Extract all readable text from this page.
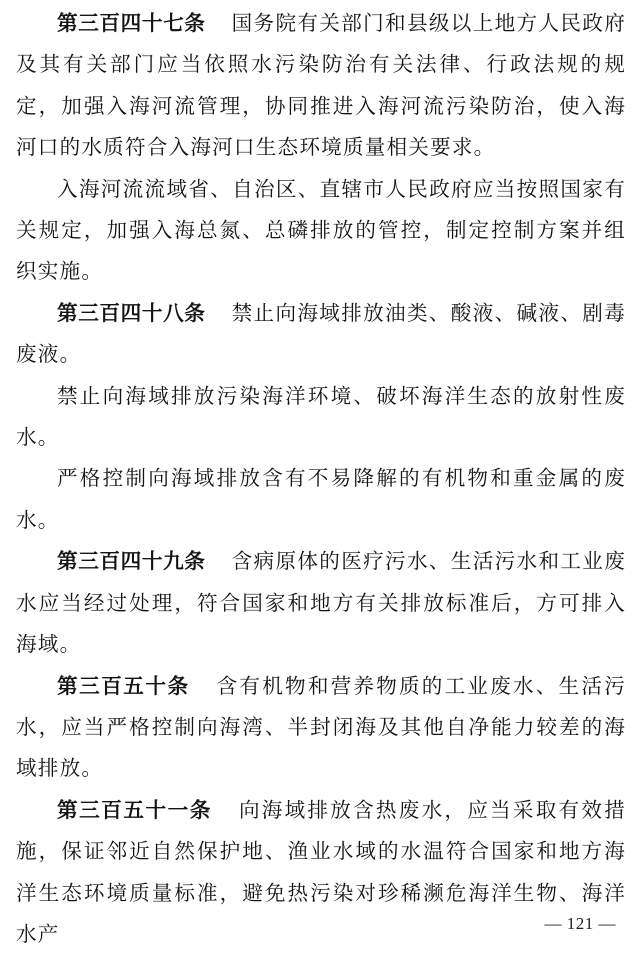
第三百四十七条 国务院有关部门和县级以上地方人民政府及其有关部门应当依照水污染防治有关法律、行政法规的规定，加强入海河流管理，协同推进入海河流污染防治，使入海河口的水质符合入海河口生态环境质量相关要求。

入海河流流域省、自治区、直辖市人民政府应当按照国家有关规定，加强入海总氮、总磷排放的管控，制定控制方案并组织实施。

第三百四十八条 禁止向海域排放油类、酸液、碱液、剧毒废液。

禁止向海域排放污染海洋环境、破坏海洋生态的放射性废水。

严格控制向海域排放含有不易降解的有机物和重金属的废水。

第三百四十九条 含病原体的医疗污水、生活污水和工业废水应当经过处理，符合国家和地方有关排放标准后，方可排入海域。

第三百五十条 含有机物和营养物质的工业废水、生活污水，应当严格控制向海湾、半封闭海及其他自净能力较差的海域排放。

第三百五十一条 向海域排放含热废水，应当采取有效措施，保证邻近自然保护地、渔业水域的水温符合国家和地方海洋生态环境质量标准，避免热污染对珍稀濒危海洋生物、海洋水产	— 121 —
